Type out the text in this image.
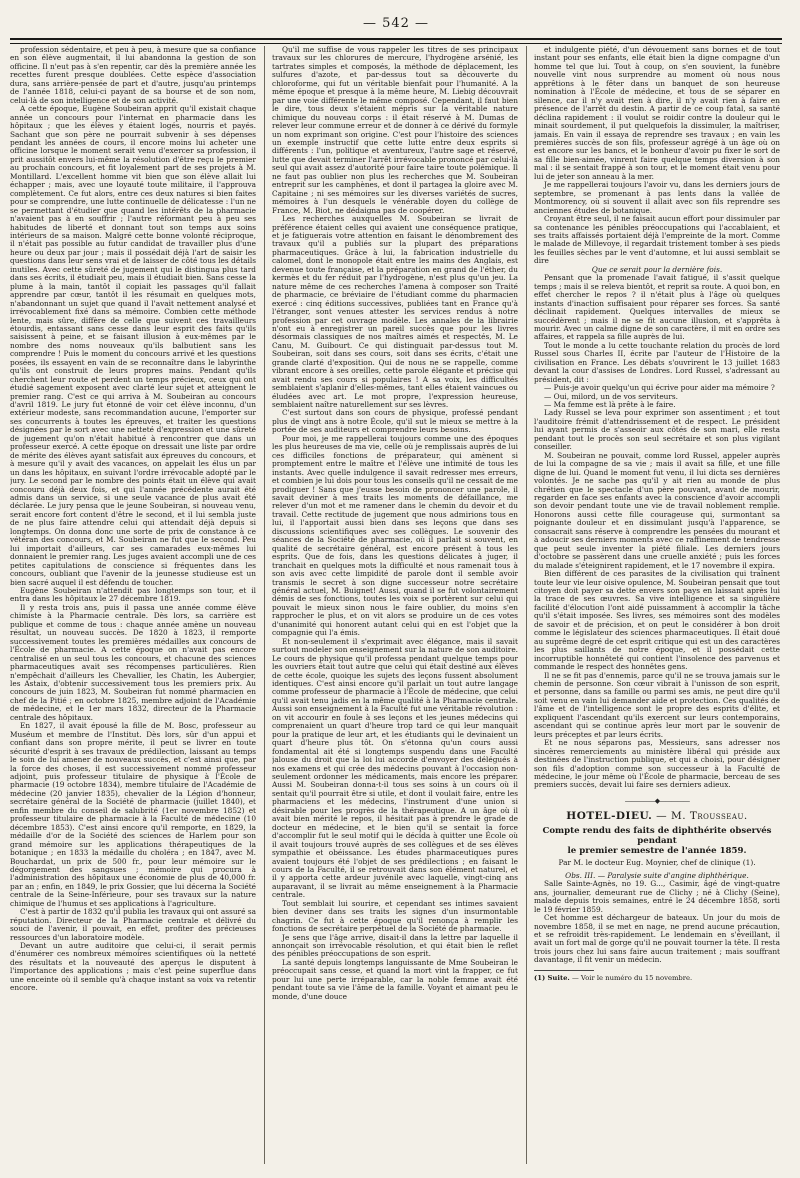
— 542 —

profession sédentaire, et peu à peu, à mesure que sa confiance en son élève augmentait, il lui abandonna la gestion de son officine. Il n'eut pas à s'en repentir, car dès la première année les recettes furent presque doublées. Cette espèce d'association dura, sans arrière-pensée de part et d'autre, jusqu'au printemps de l'année 1818, celui-ci payant de sa bourse et de son nom, celui-là de son intelligence et de son activité.

A cette époque, Eugène Soubeiran apprit qu'il existait chaque année un concours pour l'internat en pharmacie dans les hôpitaux ; que les élèves y étaient logés, nourris et payés. Sachant que son père ne pourrait subvenir à ses dépenses pendant les années de cours, il encore moins lui acheter une officine lorsque le moment serait venu d'exercer sa profession, il prit aussitôt envers lui-même la résolution d'être reçu le premier au prochain concours, et fit loyalement part de ses projets à M. Montillard. L'excellent homme vit bien que son élève allait lui échapper ; mais, avec une loyauté toute militaire, il l'approuva complètement. Ce fut alors, entre ces deux natures si bien faites pour se comprendre, une lutte continuelle de délicatesse : l'un ne se permettant d'étudier que quand les intérêts de la pharmacie n'avaient pas à en souffrir ; l'autre réformant peu à peu ses habitudes de liberté et donnant tout son temps aux soins intérieurs de sa maison. Malgré cette bonne volonté réciproque, il n'était pas possible au futur candidat de travailler plus d'une heure ou deux par jour ; mais il possédait déjà l'art de saisir les questions dans leur sens vrai et de laisser de côté tous les détails inutiles. Avec cette sûreté de jugement qui le distingua plus tard dans ses écrits, il étudiait peu, mais il étudiait bien. Sans cesse la plume à la main, tantôt il copiait les passages qu'il fallait apprendre par cœur, tantôt il les résumait en quelques mots, n'abandonnant un sujet que quand il l'avait nettement analysé et irrévocablement fixé dans sa mémoire. Combien cette méthode lente, mais sûre, diffère de celle que suivent ces travailleurs étourdis, entassant sans cesse dans leur esprit des faits qu'ils saisissent à peine, et se faisant illusion à eux-mêmes par le nombre des noms nouveaux qu'ils balbutient sans les comprendre ! Puis le moment du concours arrivé et les questions posées, ils essayent en vain de se reconnaître dans le labyrinthe qu'ils ont construit de leurs propres mains. Pendant qu'ils cherchent leur route et perdent un temps précieux, ceux qui ont étudié sagement exposent avec clarté leur sujet et atteignent le premier rang. C'est ce qui arriva à M. Soubeiran au concours d'avril 1819. Le jury fut étonné de voir cet élève inconnu, d'un extérieur modeste, sans recommandation aucune, l'emporter sur ses concurrents à toutes les épreuves, et traiter les questions désignées par le sort avec une netteté d'expression et une sûreté de jugement qu'on n'était habitué à rencontrer que dans un professeur exercé. A cette époque on dressait une liste par ordre de mérite des élèves ayant satisfait aux épreuves du concours, et à mesure qu'il y avait des vacances, on appelait les élus un par un dans les hôpitaux, en suivant l'ordre irrévocable adopté par le jury. Le second par le nombre des points était un élève qui avait concouru déjà deux fois, et qui l'année précédente aurait été admis dans un service, si une seule vacance de plus avait été déclarée. Le jury pensa que le jeune Soubeiran, si nouveau venu, serait encore fort content d'être le second, et il lui sembla juste de ne plus faire attendre celui qui attendait déjà depuis si longtemps. On donna donc une sorte de prix de constance à ce vétéran des concours, et M. Soubeiran ne fut que le second. Peu lui importait d'ailleurs, car ses camarades eux-mêmes lui donnaient le premier rang. Les juges avaient accompli une de ces petites capitulations de conscience si fréquentes dans les concours, oubliant que l'avenir de la jeunesse studieuse est un bien sacré auquel il est défendu de toucher.

Eugène Soubeiran n'attendit pas longtemps son tour, et il entra dans les hôpitaux le 27 décembre 1819.

Il y resta trois ans, puis il passa une année comme élève chimiste à la Pharmacie centrale. Dès lors, sa carrière est publique et comme de tous : chaque année amène un nouveau résultat, un nouveau succès. De 1820 à 1823, il remporte successivement toutes les premières médailles aux concours de l'École de pharmacie. A cette époque on n'avait pas encore centralisé en un seul tous les concours, et chacune des sciences pharmaceutiques avait ses récompenses particulières. Rien n'empêchait d'ailleurs les Chevallier, les Chatin, les Aubergier, les Astaix, d'obtenir successivement tous les premiers prix. Au concours de juin 1823, M. Soubeiran fut nommé pharmacien en chef de la Pitié ; en octobre 1825, membre adjoint de l'Académie de médecine, et le 1er mars 1832, directeur de la Pharmacie centrale des hôpitaux.

En 1827, il avait épousé la fille de M. Bosc, professeur au Muséum et membre de l'Institut. Dès lors, sûr d'un appui et confiant dans son propre mérite, il peut se livrer en toute sécurité d'esprit à ses travaux de prédilection, laissant au temps le soin de lui amener de nouveaux succès, et c'est ainsi que, par la force des choses, il est successivement nommé professeur adjoint, puis professeur titulaire de physique à l'École de pharmacie (19 octobre 1834), membre titulaire de l'Académie de médecine (20 janvier 1835), chevalier de la Légion d'honneur, secrétaire général de la Société de pharmacie (juillet 1840), et enfin membre du conseil de salubrité (1er novembre 1852) et professeur titulaire de pharmacie à la Faculté de médecine (10 décembre 1853). C'est ainsi encore qu'il remporte, en 1829, la médaille d'or de la Société des sciences de Harlem pour son grand mémoire sur les applications thérapeutiques de la botanique ; en 1833 la médaille du choléra ; en 1847, avec M. Bouchardat, un prix de 500 fr., pour leur mémoire sur le dégorgement des sangsues ; mémoire qui procura à l'administration des hôpitaux une économie de plus de 40,000 fr. par an ; enfin, en 1849, le prix Gossier, que lui décerna la Société centrale de la Seine-Inférieure, pour ses travaux sur la nature chimique de l'humus et ses applications à l'agriculture.

C'est à partir de 1832 qu'il publia les travaux qui ont assuré sa réputation. Directeur de la Pharmacie centrale et délivré du souci de l'avenir, il pouvait, en effet, profiter des précieuses ressources d'un laboratoire modèle.

Devant un autre auditoire que celui-ci, il serait permis d'énumérer ces nombreux mémoires scientifiques où la netteté des résultats et la nouveauté des aperçus le disputent à l'importance des applications ; mais c'est peine superflue dans une enceinte où il semble qu'à chaque instant sa voix va retentir encore.

Qu'il me suffise de vous rappeler les titres de ses principaux travaux sur les chlorures de mercure, l'hydrogène arsénié, les tartrates simples et composés, la méthode de déplacement, les sulfures d'azote, et par-dessus tout sa découverte du chloroforme, qui fut un véritable bienfait pour l'humanité. A la même époque et presque à la même heure, M. Liebig découvrait par une voie différente le même composé. Cependant, il faut bien le dire, tous deux s'étaient mépris sur la véritable nature chimique du nouveau corps : il était réservé à M. Dumas de relever leur commune erreur et de donner à ce dérivé du formyle un nom exprimant son origine. C'est pour l'histoire des sciences un exemple instructif que cette lutte entre deux esprits si différents : l'un, politique et aventureux, l'autre sage et réservé, lutte que devait terminer l'arrêt irrévocable prononcé par celui-là seul qui avait assez d'autorité pour faire taire toute polémique. Il ne faut pas oublier non plus les recherches que M. Soubeiran entreprit sur les camphènes, et dont il partagea la gloire avec M. Capitaine ; ni ses mémoires sur les diverses variétés de sucres, mémoires à l'un desquels le vénérable doyen du collège de France, M. Biot, ne dédaigna pas de coopérer.

Les recherches auxquelles M. Soubeiran se livrait de préférence étaient celles qui avaient une conséquence pratique, et je fatiguerais votre attention en faisant le dénombrement des travaux qu'il a publiés sur la plupart des préparations pharmaceutiques. Grâce à lui, la fabrication industrielle du calomel, dont le monopole était entre les mains des Anglais, est devenue toute française, et la préparation en grand de l'éther, du kermès et du fer réduit par l'hydrogène, n'est plus qu'un jeu. La nature même de ces recherches l'amena à composer son Traité de pharmacie, ce bréviaire de l'étudiant comme du pharmacien exercé : cinq éditions successives, publiées tant en France qu'à l'étranger, sont venues attester les services rendus à notre profession par cet ouvrage modèle. Les annales de la librairie n'ont eu à enregistrer un pareil succès que pour les livres désormais classiques de nos maîtres aimés et respectés, M. Le Canu, M. Guibourt. Ce qui distinguait par-dessus tout M. Soubeiran, soit dans ses cours, soit dans ses écrits, c'était une grande clarté d'exposition. Qui de nous ne se rappelle, comme vibrant encore à ses oreilles, cette parole élégante et précise qui avait rendu ses cours si populaires ! A sa voix, les difficultés semblaient s'aplanir d'elles-mêmes, tant elles étaient vaincues ou éludées avec art. Le mot propre, l'expression heureuse, semblaient naître naturellement sur ses lèvres.

C'est surtout dans son cours de physique, professé pendant plus de vingt ans à notre École, qu'il sut le mieux se mettre à la portée de ses auditeurs et comprendre leurs besoins.

Pour moi, je me rappellerai toujours comme une des époques les plus heureuses de ma vie, celle où je remplissais auprès de lui ces difficiles fonctions de préparateur, qui amènent si promptement entre le maître et l'élève une intimité de tous les instants. Avec quelle indulgence il savait redresser mes erreurs, et combien je lui dois pour tous les conseils qu'il ne cessait de me prodiguer ! Sans que j'eusse besoin de prononcer une parole, il savait deviner à mes traits les moments de défaillance, me relever d'un mot et me ramener dans le chemin du devoir et du travail. Cette rectitude de jugement que nous admirions tous en lui, il l'apportait aussi bien dans ses leçons que dans ses discussions scientifiques avec ses collègues. Le souvenir des séances de la Société de pharmacie, où il parlait si souvent, en qualité de secrétaire général, est encore présent à tous les esprits. Que de fois, dans les questions délicates à juger, il tranchait en quelques mots la difficulté et nous ramenait tous à son avis avec cette limpidité de parole dont il semble avoir transmis le secret à son digne successeur notre secrétaire général actuel, M. Buignet! Aussi, quand il se fut volontairement démis de ses fonctions, toutes les voix se portèrent sur celui qui pouvait le mieux sinon nous le faire oublier, du moins s'en rapprocher le plus, et on vit alors se produire un de ces votes d'unanimité qui honorent autant celui qui en est l'objet que la compagnie qui l'a émis.

Et non-seulement il s'exprimait avec élégance, mais il savait surtout modeler son enseignement sur la nature de son auditoire. Le cours de physique qu'il professa pendant quelque temps pour les ouvriers était tout autre que celui qui était destiné aux élèves de cette école, quoique les sujets des leçons fussent absolument identiques. C'est ainsi encore qu'il parlait un tout autre langage comme professeur de pharmacie à l'École de médecine, que celui qu'il avait tenu jadis en la même qualité à la Pharmacie centrale. Aussi son enseignement à la Faculté fut une véritable révolution : on vit accourir en foule à ses leçons et les jeunes médecins qui comprenaient un quart d'heure trop tard ce qui leur manquait pour la pratique de leur art, et les étudiants qui le devinaient un quart d'heure plus tôt. On s'étonna qu'un cours aussi fondamental ait été si longtemps suspendu dans une Faculté jalouse du droit que la loi lui accorde d'envoyer des délégués à nos examens et qui crée des médecins pouvant à l'occasion non-seulement ordonner les médicaments, mais encore les préparer. Aussi M. Soubeiran donna-t-il tous ses soins à un cours où il sentait qu'il pourrait être si utile, et dont il voulait faire, entre les pharmaciens et les médecins, l'instrument d'une union si désirable pour les progrès de la thérapeutique. A un âge où il avait bien mérité le repos, il hésitait pas à prendre le grade de docteur en médecine, et le bien qu'il se sentait la force d'accomplir fut le seul motif qui le décida à quitter une École où il avait toujours trouvé auprès de ses collègues et de ses élèves sympathie et obéissance. Les études pharmaceutiques pures avaient toujours été l'objet de ses prédilections ; en faisant le cours de la Faculté, il se retrouvait dans son élément naturel, et il y apporta cette ardeur juvénile avec laquelle, vingt-cinq ans auparavant, il se livrait au même enseignement à la Pharmacie centrale.

Tout semblait lui sourire, et cependant ses intimes savaient bien deviner dans ses traits les signes d'un insurmontable chagrin. Ce fut à cette époque qu'il renonça à remplir les fonctions de secrétaire perpétuel de la Société de pharmacie.

Je sens que l'âge arrive, disait-il dans la lettre par laquelle il annonçait son irrévocable résolution, et qui était bien le reflet des pénibles préoccupations de son esprit.

La santé depuis longtemps languissante de Mme Soubeiran le préoccupait sans cesse, et quand la mort vint la frapper, ce fut pour lui une perte irréparable, car la noble femme avait été pendant toute sa vie l'âme de la famille. Voyant et aimant peu le monde, d'une douce

et indulgente piété, d'un dévouement sans bornes et de tout instant pour ses enfants, elle était bien la digne compagne d'un homme tel que lui. Tout à coup, on s'en souvient, la funèbre nouvelle vint nous surprendre au moment où nous nous apprêtions à le fêter dans un banquet de son heureuse nomination à l'École de médecine, et tous de se séparer en silence, car il n'y avait rien à dire, il n'y avait rien à faire en présence de l'arrêt du destin. A partir de ce coup fatal, sa santé déclina rapidement : il voulut se roidir contre la douleur qui le minait sourdement, il put quelquefois la dissimuler, la maîtriser, jamais. En vain il essaya de reprendre ses travaux ; en vain les premières succès de son fils, professeur agrégé à un âge où on est encore sur les bancs, et le bonheur d'avoir pu fixer le sort de sa fille bien-aimée, vinrent faire quelque temps diversion à son mal : il se sentait frappé à son tour, et le moment était venu pour lui de jeter son anneau à la mer.

Je me rappellerai toujours l'avoir vu, dans les derniers jours de septembre, se promenant à pas lents dans la vallée de Montmorency, où si souvent il allait avec son fils reprendre ses anciennes études de botanique.

Croyant être seul, il ne faisait aucun effort pour dissimuler par sa contenance les pénibles préoccupations qui l'accablaient, et ses traits affaissés portaient déjà l'empreinte de la mort. Comme le malade de Millevoye, il regardait tristement tomber à ses pieds les feuilles sèches par le vent d'automne, et lui aussi semblait se dire

Que ce serait pour la dernière fois.

Pensant que la promenade l'avait fatigué, il s'assit quelque temps ; mais il se releva bientôt, et reprit sa route. A quoi bon, en effet chercher le repos ? il n'était plus à l'âge où quelques instants d'inaction suffisaient pour réparer ses forces. Sa santé déclinait rapidement. Quelques intervalles de mieux se succédèrent ; mais il ne se fit aucune illusion, et s'apprêta à mourir. Avec un calme digne de son caractère, il mit en ordre ses affaires, et rappela sa fille auprès de lui.

Tout le monde a lu cette touchante relation du procès de lord Russel sous Charles II, écrite par l'auteur de l'Histoire de la civilisation en France. Les débats s'ouvrirent le 13 juillet 1683 devant la cour d'assises de Londres. Lord Russel, s'adressant au président, dit :

— Puis-je avoir quelqu'un qui écrive pour aider ma mémoire ?

— Oui, milord, un de vos serviteurs.

— Ma femme est là prête à le faire.

Lady Russel se leva pour exprimer son assentiment ; et tout l'auditoire frémit d'attendrissement et de respect. Le président lui ayant permis de s'asseoir aux côtés de son mari, elle resta pendant tout le procès son seul secrétaire et son plus vigilant conseiller.

M. Soubeiran ne pouvait, comme lord Russel, appeler auprès de lui la compagne de sa vie ; mais il avait sa fille, et une fille digne de lui. Quand le moment fut venu, il lui dicta ses dernières volontés. Je ne sache pas qu'il y ait rien au monde de plus chrétien que le spectacle d'un père pouvant, avant de mourir, regarder en face ses enfants avec la conscience d'avoir accompli son devoir pendant toute une vie de travail noblement remplie. Honorons aussi cette fille courageuse qui, surmontant sa poignante douleur et en dissimulant jusqu'à l'apparence, se consacrait sans réserve à comprendre les pensées du mourant et à adoucir ses derniers moments avec ce raffinement de tendresse que peut seule inventer la piété filiale. Les derniers jours d'octobre se passèrent dans une cruelle anxiété ; puis les forces du malade s'éteignirent rapidement, et le 17 novembre il expira.

Bien différent de ces parasites de la civilisation qui traînent toute leur vie leur oisive opulence, M. Soubeiran pensait que tout citoyen doit payer sa dette envers son pays en laissant après lui la trace de ses œuvres. Sa vive intelligence et sa singulière facilité d'élocution l'ont aidé puissamment à accomplir la tâche qu'il s'était imposée. Ses livres, ses mémoires sont des modèles de savoir et de précision, et on peut le considérer à bon droit comme le législateur des sciences pharmaceutiques. Il était doué au suprême degré de cet esprit critique qui est un des caractères les plus saillants de notre époque, et il possédait cette incorruptible honnêteté qui contient l'insolence des parvenus et commande le respect des honnêtes gens.

Il ne se fit pas d'ennemis, parce qu'il ne se trouva jamais sur le chemin de personne. Son cœur vibrait à l'unisson de son esprit, et personne, dans sa famille ou parmi ses amis, ne peut dire qu'il soit venu en vain lui demander aide et protection. Ces qualités de l'âme et de l'intelligence sont le propre des esprits d'élite, et expliquent l'ascendant qu'ils exercent sur leurs contemporains, ascendant qui se continue après leur mort par le souvenir de leurs préceptes et par leurs écrits.

Et ne nous séparons pas, Messieurs, sans adresser nos sincères remerciements au ministère libéral qui préside aux destinées de l'instruction publique, et qui a choisi, pour désigner son fils d'adoption comme son successeur à la Faculté de médecine, le jour même où l'École de pharmacie, berceau de ses premiers succès, devait lui faire ses derniers adieux.

—————◆—————
HOTEL-DIEU. — M. Trousseau.
Compte rendu des faits de diphthérite observés pendant
le premier semestre de l'année 1859.
Par M. le docteur Eug. Moynier, chef de clinique (1).

Obs. III. — Paralysie suite d'angine diphthérique.

Salle Sainte-Agnès, no 19. G..., Casimir, âgé de vingt-quatre ans, journalier, demeurant rue de Clichy ; né à Clichy (Seine), malade depuis trois semaines, entré le 24 décembre 1858, sorti le 19 février 1859.

Cet homme est déchargeur de bateaux. Un jour du mois de novembre 1858, il se met en nage, ne prend aucune précaution, et se refroidit très-rapidement. Le lendemain en s'éveillant, il avait un fort mal de gorge qu'il ne pouvait tourner la tête. Il resta trois jours chez lui sans faire aucun traitement ; mais souffrant davantage, il fit venir un médecin.

(1) Suite. — Voir le numéro du 15 novembre.
